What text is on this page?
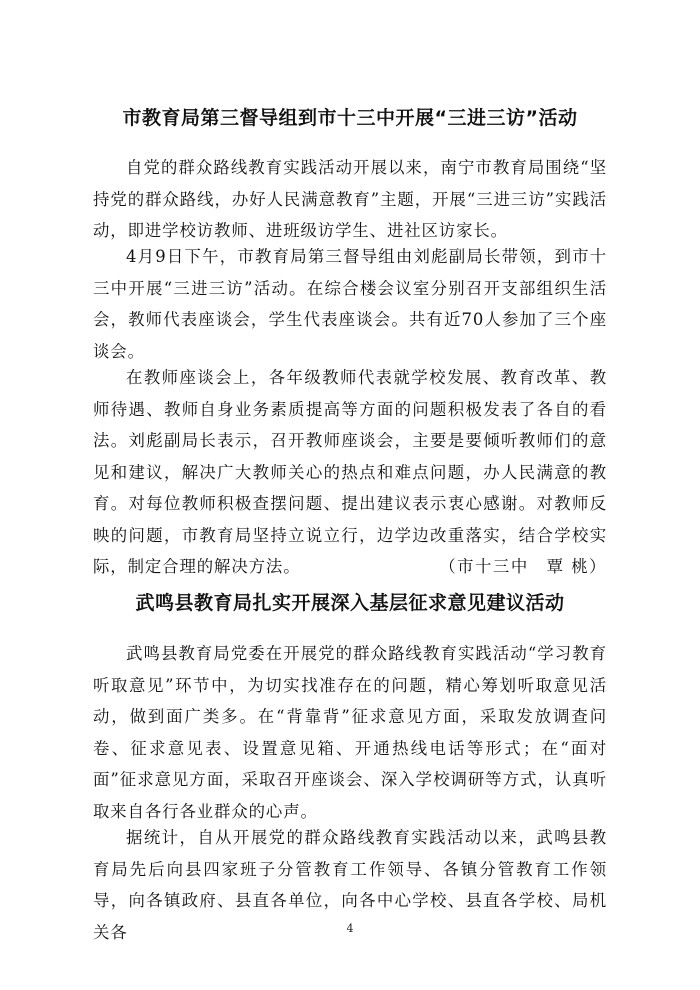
市教育局第三督导组到市十三中开展“三进三访”活动

自党的群众路线教育实践活动开展以来，南宁市教育局围绕“坚持党的群众路线，办好人民满意教育”主题，开展“三进三访”实践活动，即进学校访教师、进班级访学生、进社区访家长。

4月9日下午，市教育局第三督导组由刘彪副局长带领，到市十三中开展“三进三访”活动。在综合楼会议室分别召开支部组织生活会，教师代表座谈会，学生代表座谈会。共有近70人参加了三个座谈会。

在教师座谈会上，各年级教师代表就学校发展、教育改革、教师待遇、教师自身业务素质提高等方面的问题积极发表了各自的看法。刘彪副局长表示，召开教师座谈会，主要是要倾听教师们的意见和建议，解决广大教师关心的热点和难点问题，办人民满意的教育。对每位教师积极查摆问题、提出建议表示衷心感谢。对教师反映的问题，市教育局坚持立说立行，边学边改重落实，结合学校实际，制定合理的解决方法。	（市十三中　覃 桃）

武鸣县教育局扎实开展深入基层征求意见建议活动

武鸣县教育局党委在开展党的群众路线教育实践活动“学习教育　听取意见”环节中，为切实找准存在的问题，精心筹划听取意见活动，做到面广类多。在“背靠背”征求意见方面，采取发放调查问卷、征求意见表、设置意见箱、开通热线电话等形式；在“面对面”征求意见方面，采取召开座谈会、深入学校调研等方式，认真听取来自各行各业群众的心声。

据统计，自从开展党的群众路线教育实践活动以来，武鸣县教育局先后向县四家班子分管教育工作领导、各镇分管教育工作领导，向各镇政府、县直各单位，向各中心学校、县直各学校、局机关各	4
